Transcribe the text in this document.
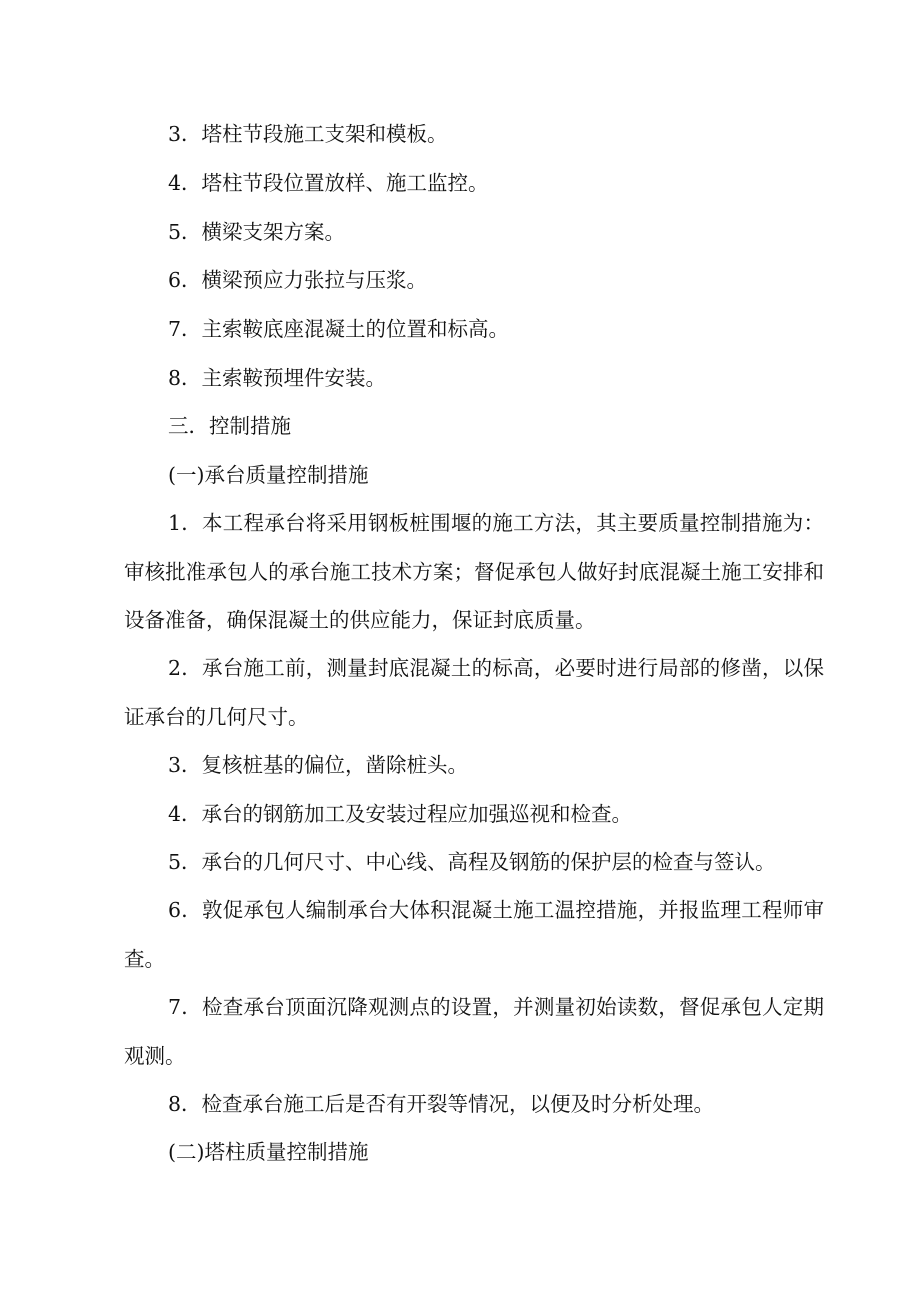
3．塔柱节段施工支架和模板。

4．塔柱节段位置放样、施工监控。

5．横梁支架方案。

6．横梁预应力张拉与压浆。

7．主索鞍底座混凝土的位置和标高。

8．主索鞍预埋件安装。

三．控制措施

(一)承台质量控制措施

1．本工程承台将采用钢板桩围堰的施工方法，其主要质量控制措施为：审核批准承包人的承台施工技术方案；督促承包人做好封底混凝土施工安排和设备准备，确保混凝土的供应能力，保证封底质量。

2．承台施工前，测量封底混凝土的标高，必要时进行局部的修凿，以保证承台的几何尺寸。

3．复核桩基的偏位，凿除桩头。

4．承台的钢筋加工及安装过程应加强巡视和检查。

5．承台的几何尺寸、中心线、高程及钢筋的保护层的检查与签认。

6．敦促承包人编制承台大体积混凝土施工温控措施，并报监理工程师审查。

7．检查承台顶面沉降观测点的设置，并测量初始读数，督促承包人定期观测。

8．检查承台施工后是否有开裂等情况，以便及时分析处理。

(二)塔柱质量控制措施
